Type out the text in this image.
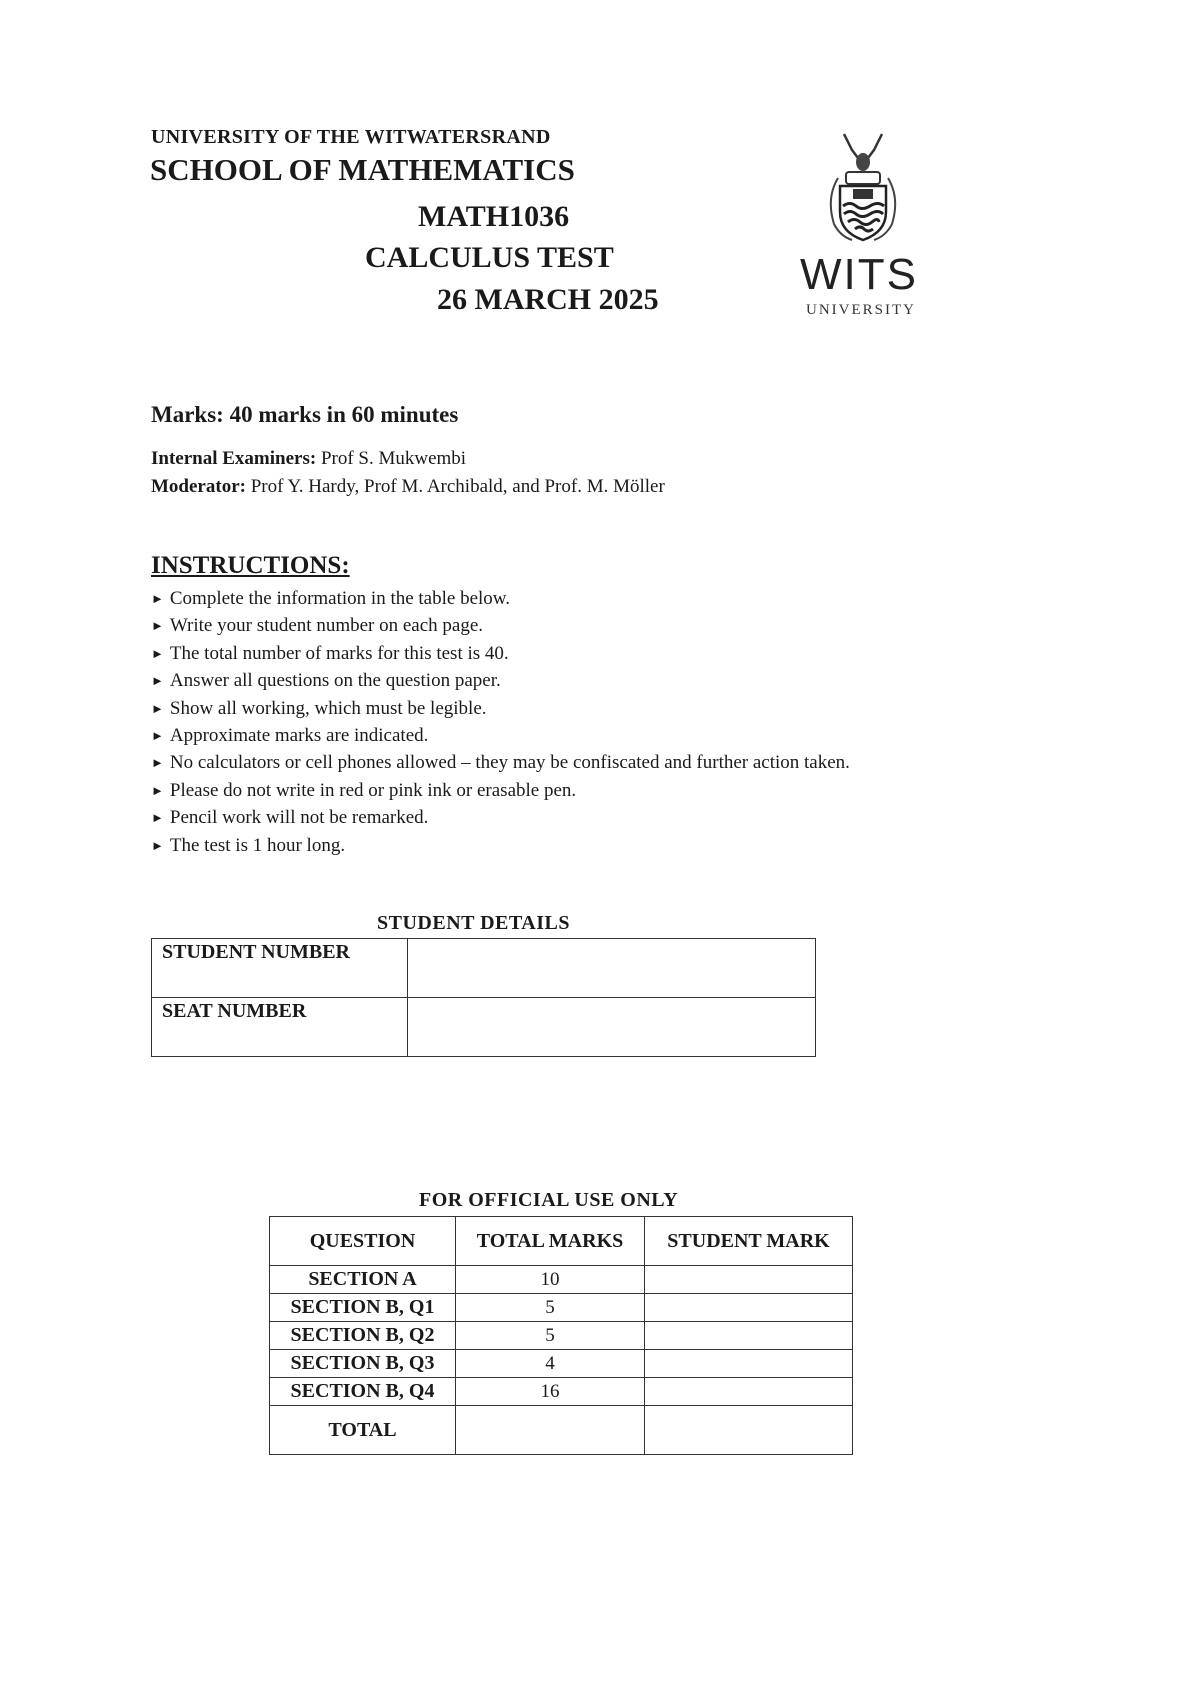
UNIVERSITY OF THE WITWATERSRAND
SCHOOL OF MATHEMATICS
MATH1036
CALCULUS TEST
26 MARCH 2025
WITS
UNIVERSITY
Marks: 40 marks in 60 minutes
Internal Examiners: Prof S. Mukwembi
Moderator: Prof Y. Hardy, Prof M. Archibald, and Prof. M. Möller
INSTRUCTIONS:
► Complete the information in the table below.
► Write your student number on each page.
► The total number of marks for this test is 40.
► Answer all questions on the question paper.
► Show all working, which must be legible.
► Approximate marks are indicated.
► No calculators or cell phones allowed – they may be confiscated and further action taken.
► Please do not write in red or pink ink or erasable pen.
► Pencil work will not be remarked.
► The test is 1 hour long.
STUDENT DETAILS
STUDENT NUMBER	
SEAT NUMBER	
FOR OFFICIAL USE ONLY
QUESTION	TOTAL MARKS	STUDENT MARK
SECTION A	10	
SECTION B, Q1	5	
SECTION B, Q2	5	
SECTION B, Q3	4	
SECTION B, Q4	16	
TOTAL		
